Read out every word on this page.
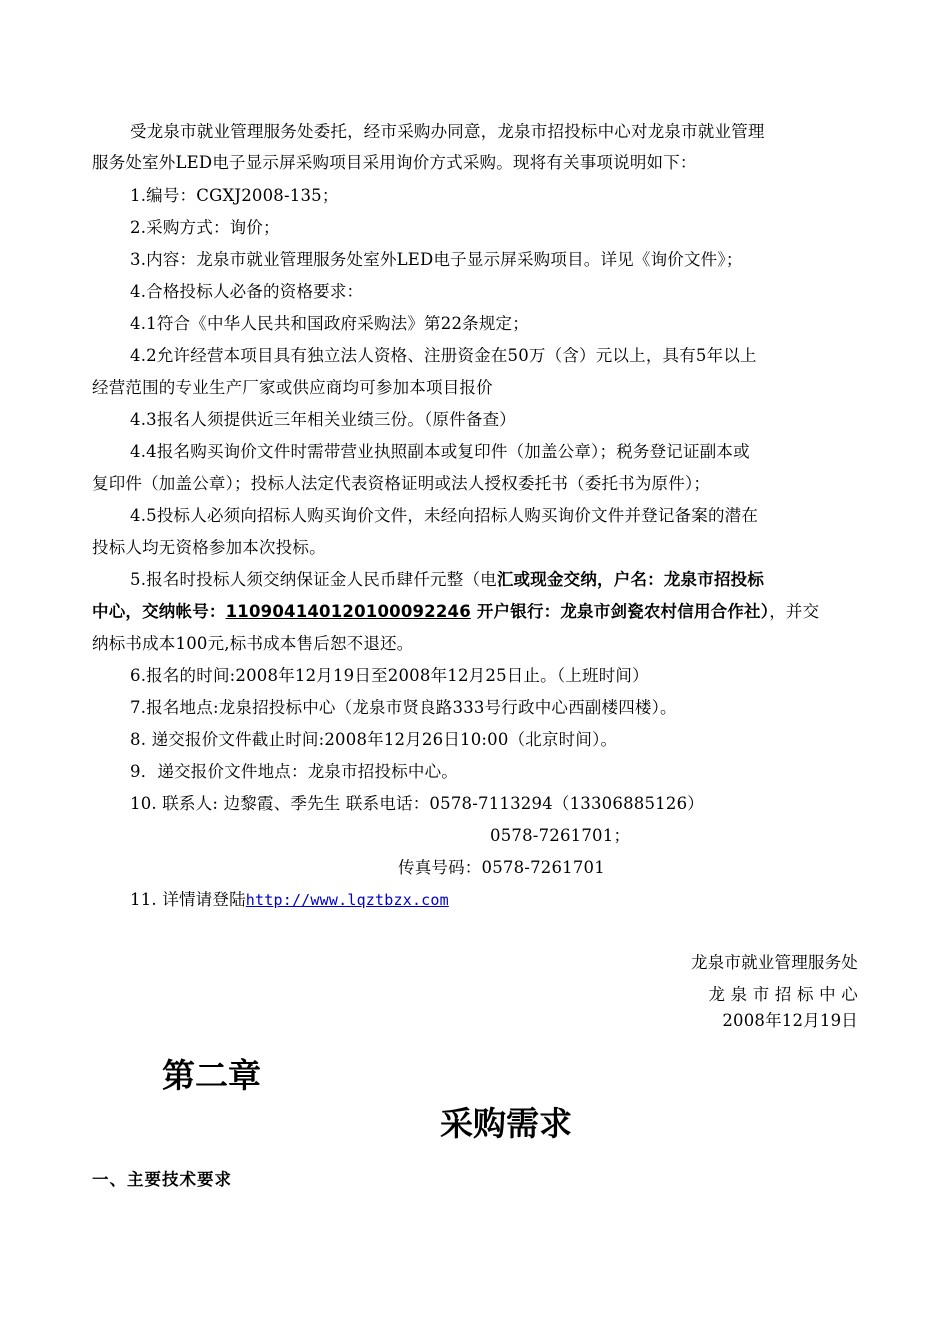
受龙泉市就业管理服务处委托，经市采购办同意，龙泉市招投标中心对龙泉市就业管理
服务处室外LED电子显示屏采购项目采用询价方式采购。现将有关事项说明如下：
1.编号：CGXJ2008-135；
2.采购方式：询价；
3.内容：龙泉市就业管理服务处室外LED电子显示屏采购项目。详见《询价文件》；
4.合格投标人必备的资格要求：
4.1符合《中华人民共和国政府采购法》第22条规定；
4.2允许经营本项目具有独立法人资格、注册资金在50万（含）元以上，具有5年以上
经营范围的专业生产厂家或供应商均可参加本项目报价
4.3报名人须提供近三年相关业绩三份。（原件备查）
4.4报名购买询价文件时需带营业执照副本或复印件（加盖公章）；税务登记证副本或
复印件（加盖公章）；投标人法定代表资格证明或法人授权委托书（委托书为原件）；
4.5投标人必须向招标人购买询价文件，未经向招标人购买询价文件并登记备案的潜在
投标人均无资格参加本次投标。
5.报名时投标人须交纳保证金人民币肆仟元整（电汇或现金交纳，户名：龙泉市招投标
中心，交纳帐号：110904140120100092246 开户银行：龙泉市剑瓷农村信用合作社），并交
纳标书成本100元,标书成本售后恕不退还。
6.报名的时间:2008年12月19日至2008年12月25日止。（上班时间）
7.报名地点:龙泉招投标中心（龙泉市贤良路333号行政中心西副楼四楼）。
8. 递交报价文件截止时间:2008年12月26日10:00（北京时间）。
9．递交报价文件地点：龙泉市招投标中心。
10. 联系人: 边黎霞、季先生 联系电话：0578-7113294（13306885126）
0578-7261701；
传真号码：0578-7261701
11. 详情请登陆http://www.lqztbzx.com
龙泉市就业管理服务处
龙 泉 市 招 标 中 心
2008年12月19日
第二章
采购需求
一、主要技术要求
